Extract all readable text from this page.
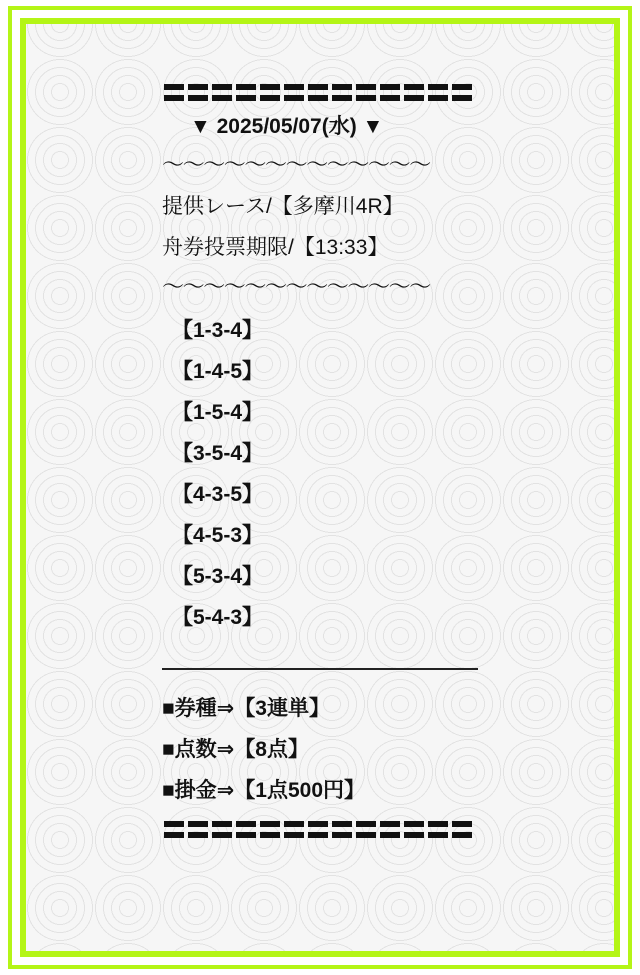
▼ 2025/05/07(水) ▼
〜〜〜〜〜〜〜〜〜〜〜〜〜
提供レース/【多摩川4R】
舟券投票期限/【13:33】
〜〜〜〜〜〜〜〜〜〜〜〜〜
【1-3-4】
【1-4-5】
【1-5-4】
【3-5-4】
【4-3-5】
【4-5-3】
【5-3-4】
【5-4-3】
■券種⇒【3連単】
■点数⇒【8点】
■掛金⇒【1点500円】
